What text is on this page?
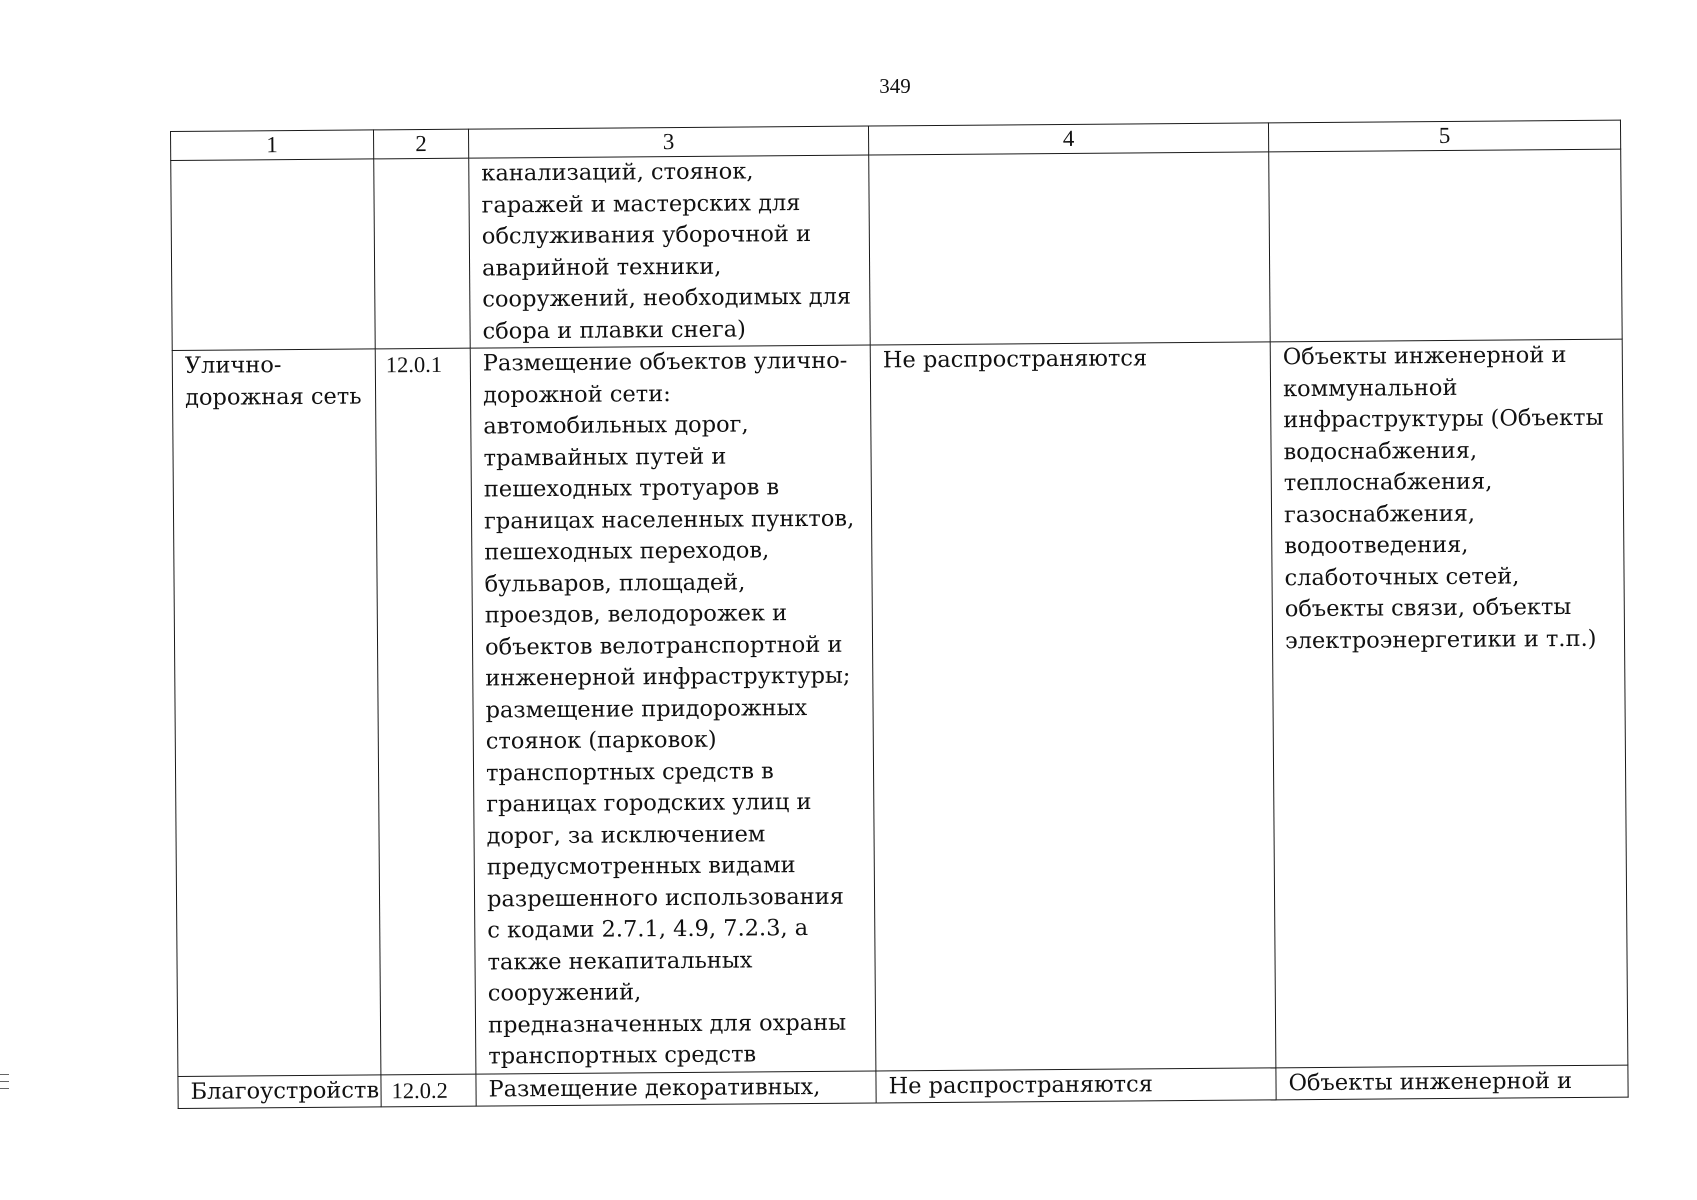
349
1	2	3	4	5
		канализаций, стоянок, гаражей и мастерских для обслуживания уборочной и аварийной техники, сооружений, необходимых для сбора и плавки снега)		
Улично-дорожная сеть	12.0.1	Размещение объектов улично-дорожной сети: автомобильных дорог, трамвайных путей и пешеходных тротуаров в границах населенных пунктов, пешеходных переходов, бульваров, площадей, проездов, велодорожек и объектов велотранспортной и инженерной инфраструктуры; размещение придорожных стоянок (парковок) транспортных средств в границах городских улиц и дорог, за исключением предусмотренных видами разрешенного использования с кодами 2.7.1, 4.9, 7.2.3, а также некапитальных сооружений, предназначенных для охраны транспортных средств	Не распространяются	Объекты инженерной и коммунальной инфраструктуры (Объекты водоснабжения, теплоснабжения, газоснабжения, водоотведения, слаботочных сетей, объекты связи, объекты электроэнергетики и т.п.)
Благоустройств	12.0.2	Размещение декоративных,	Не распространяются	Объекты инженерной и
